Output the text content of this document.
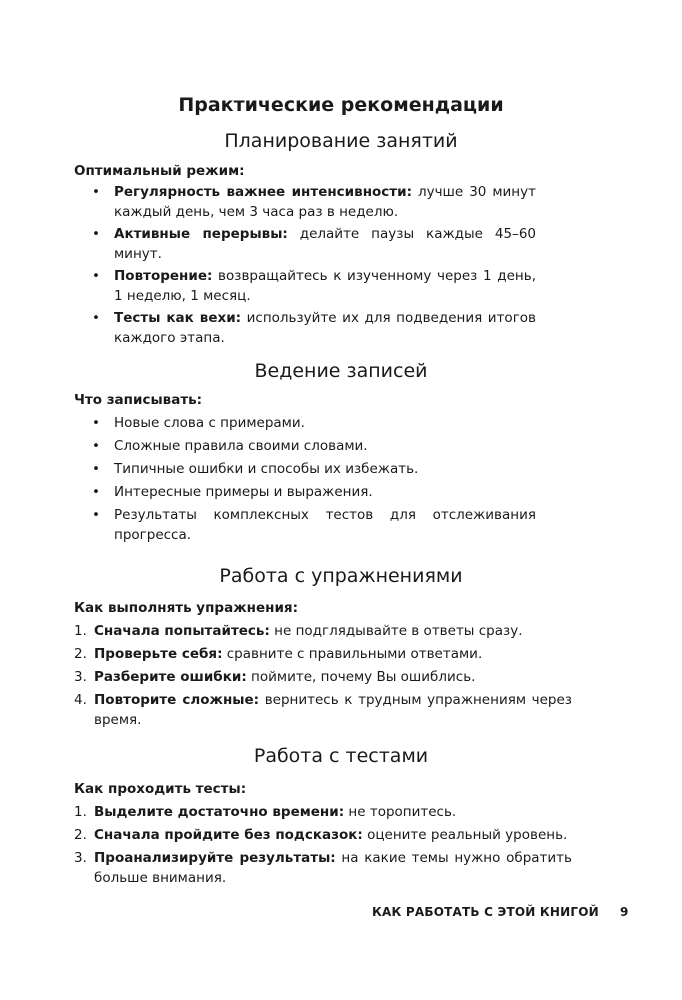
Практические рекомендации
Планирование занятий
Оптимальный режим:
• Регулярность важнее интенсивности: лучше 30 минут каждый день, чем 3 часа раз в неделю.
• Активные перерывы: делайте паузы каждые 45–60 минут.
• Повторение: возвращайтесь к изученному через 1 день, 1 неделю, 1 месяц.
• Тесты как вехи: используйте их для подведения итогов каждого этапа.
Ведение записей
Что записывать:
• Новые слова с примерами.
• Сложные правила своими словами.
• Типичные ошибки и способы их избежать.
• Интересные примеры и выражения.
• Результаты комплексных тестов для отслеживания прогресса.
Работа с упражнениями
Как выполнять упражнения:
1. Сначала попытайтесь: не подглядывайте в ответы сразу.
2. Проверьте себя: сравните с правильными ответами.
3. Разберите ошибки: поймите, почему Вы ошиблись.
4. Повторите сложные: вернитесь к трудным упражнениям через время.
Работа с тестами
Как проходить тесты:
1. Выделите достаточно времени: не торопитесь.
2. Сначала пройдите без подсказок: оцените реальный уровень.
3. Проанализируйте результаты: на какие темы нужно обратить больше внимания.
КАК РАБОТАТЬ С ЭТОЙ КНИГОЙ 9
